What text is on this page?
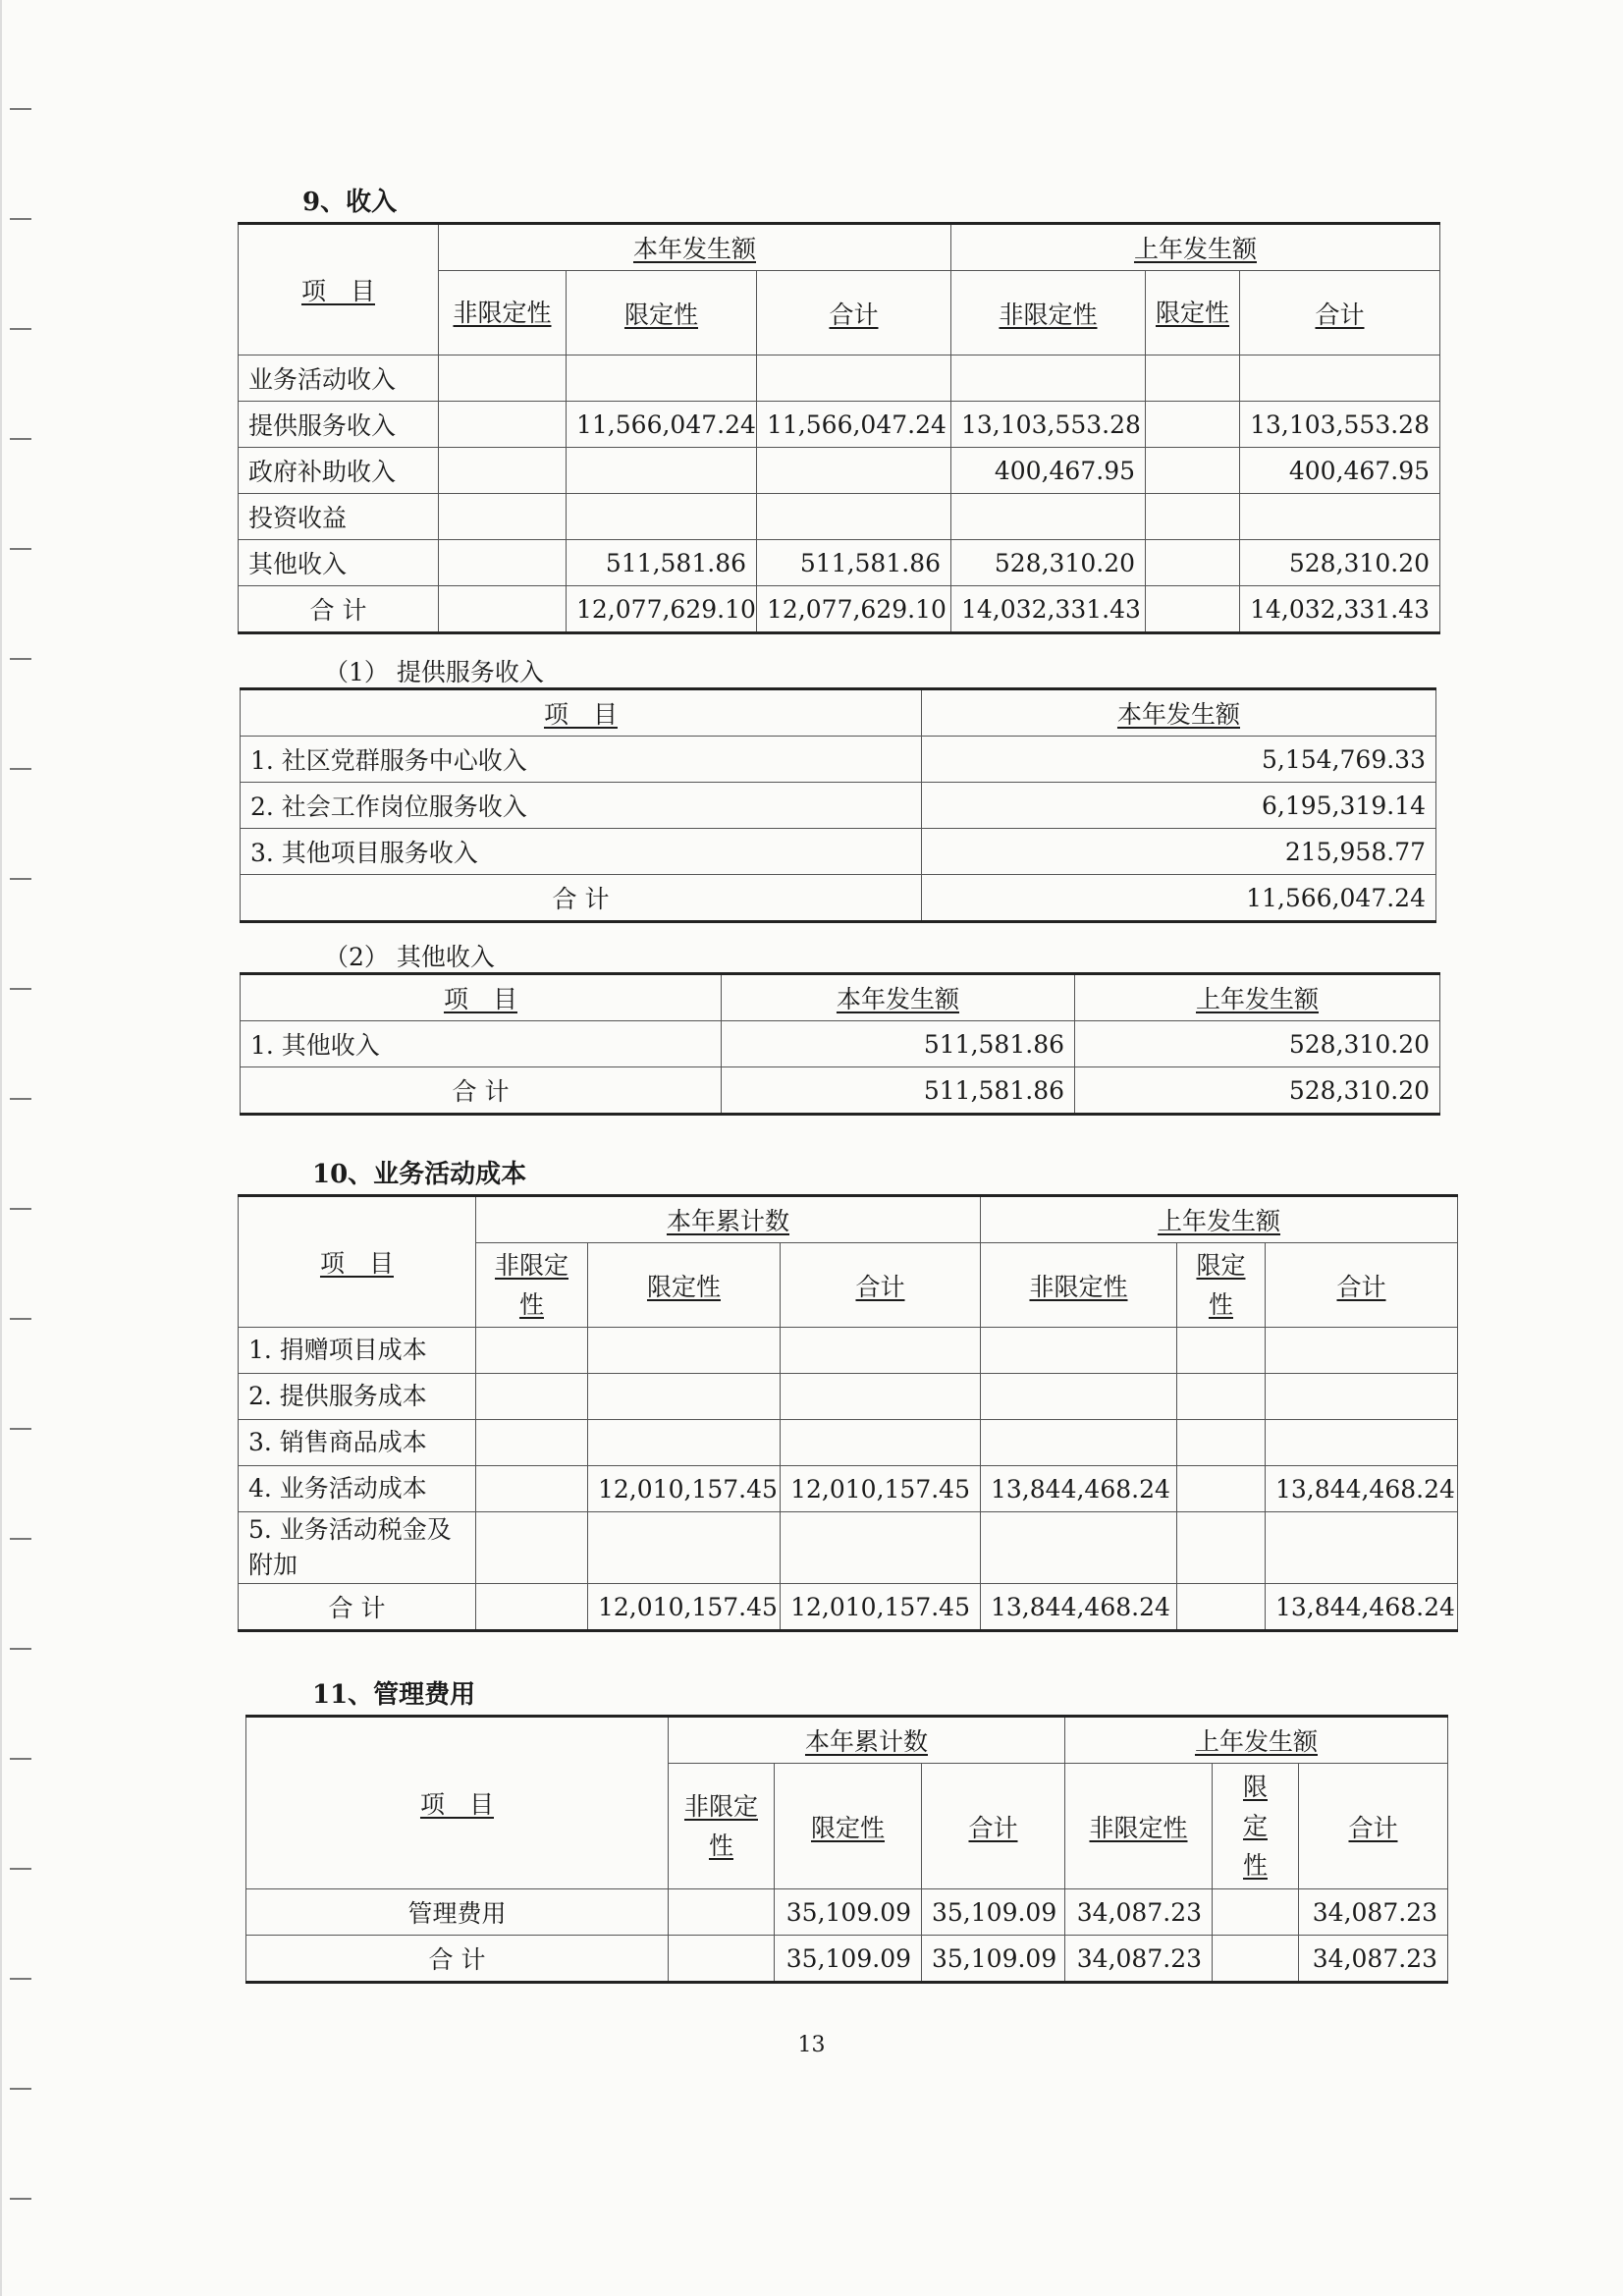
9、收入
项　目	本年发生额			上年发生额		
	非限定性	限定性	合计	非限定性	限定性	合计
业务活动收入						
提供服务收入		11,566,047.24	11,566,047.24	13,103,553.28		13,103,553.28
政府补助收入				400,467.95		400,467.95
投资收益						
其他收入		511,581.86	511,581.86	528,310.20		528,310.20
合 计		12,077,629.10	12,077,629.10	14,032,331.43		14,032,331.43
（1） 提供服务收入
项　目	本年发生额
1. 社区党群服务中心收入	5,154,769.33
2. 社会工作岗位服务收入	6,195,319.14
3. 其他项目服务收入	215,958.77
合 计	11,566,047.24
（2） 其他收入
项　目	本年发生额	上年发生额
1. 其他收入	511,581.86	528,310.20
合 计	511,581.86	528,310.20
10、业务活动成本
项　目	本年累计数			上年发生额		
	非限定性	限定性	合计	非限定性	限定性	合计
1. 捐赠项目成本						
2. 提供服务成本						
3. 销售商品成本						
4. 业务活动成本		12,010,157.45	12,010,157.45	13,844,468.24		13,844,468.24
5. 业务活动税金及附加						
合 计		12,010,157.45	12,010,157.45	13,844,468.24		13,844,468.24
11、管理费用
项　目	本年累计数			上年发生额		
	非限定性	限定性	合计	非限定性	限定性	合计
管理费用		35,109.09	35,109.09	34,087.23		34,087.23
合 计		35,109.09	35,109.09	34,087.23		34,087.23
13
